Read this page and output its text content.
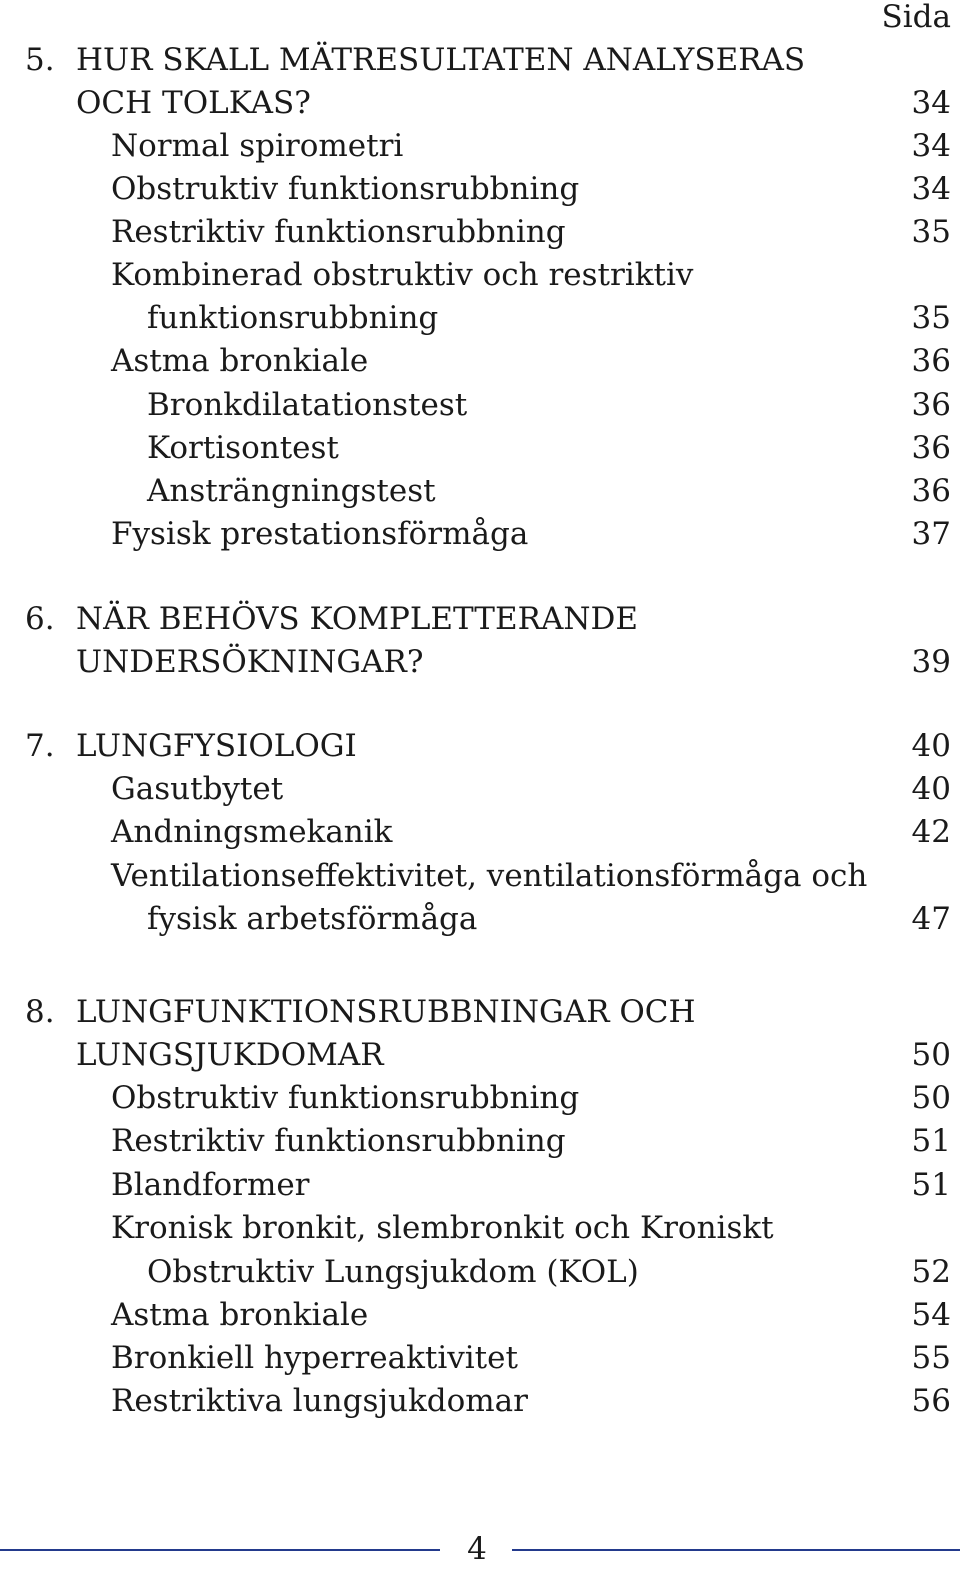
Sida
5. HUR SKALL MÄTRESULTATEN ANALYSERAS
OCH TOLKAS?	34
Normal spirometri	34
Obstruktiv funktionsrubbning	34
Restriktiv funktionsrubbning	35
Kombinerad obstruktiv och restriktiv
funktionsrubbning	35
Astma bronkiale	36
Bronkdilatationstest	36
Kortisontest	36
Ansträngningstest	36
Fysisk prestationsförmåga	37
6. NÄR BEHÖVS KOMPLETTERANDE
UNDERSÖKNINGAR?	39
7. LUNGFYSIOLOGI	40
Gasutbytet	40
Andningsmekanik	42
Ventilationseffektivitet, ventilationsförmåga och
fysisk arbetsförmåga	47
8. LUNGFUNKTIONSRUBBNINGAR OCH
LUNGSJUKDOMAR	50
Obstruktiv funktionsrubbning	50
Restriktiv funktionsrubbning	51
Blandformer	51
Kronisk bronkit, slembronkit och Kroniskt
Obstruktiv Lungsjukdom (KOL)	52
Astma bronkiale	54
Bronkiell hyperreaktivitet	55
Restriktiva lungsjukdomar	56
4
